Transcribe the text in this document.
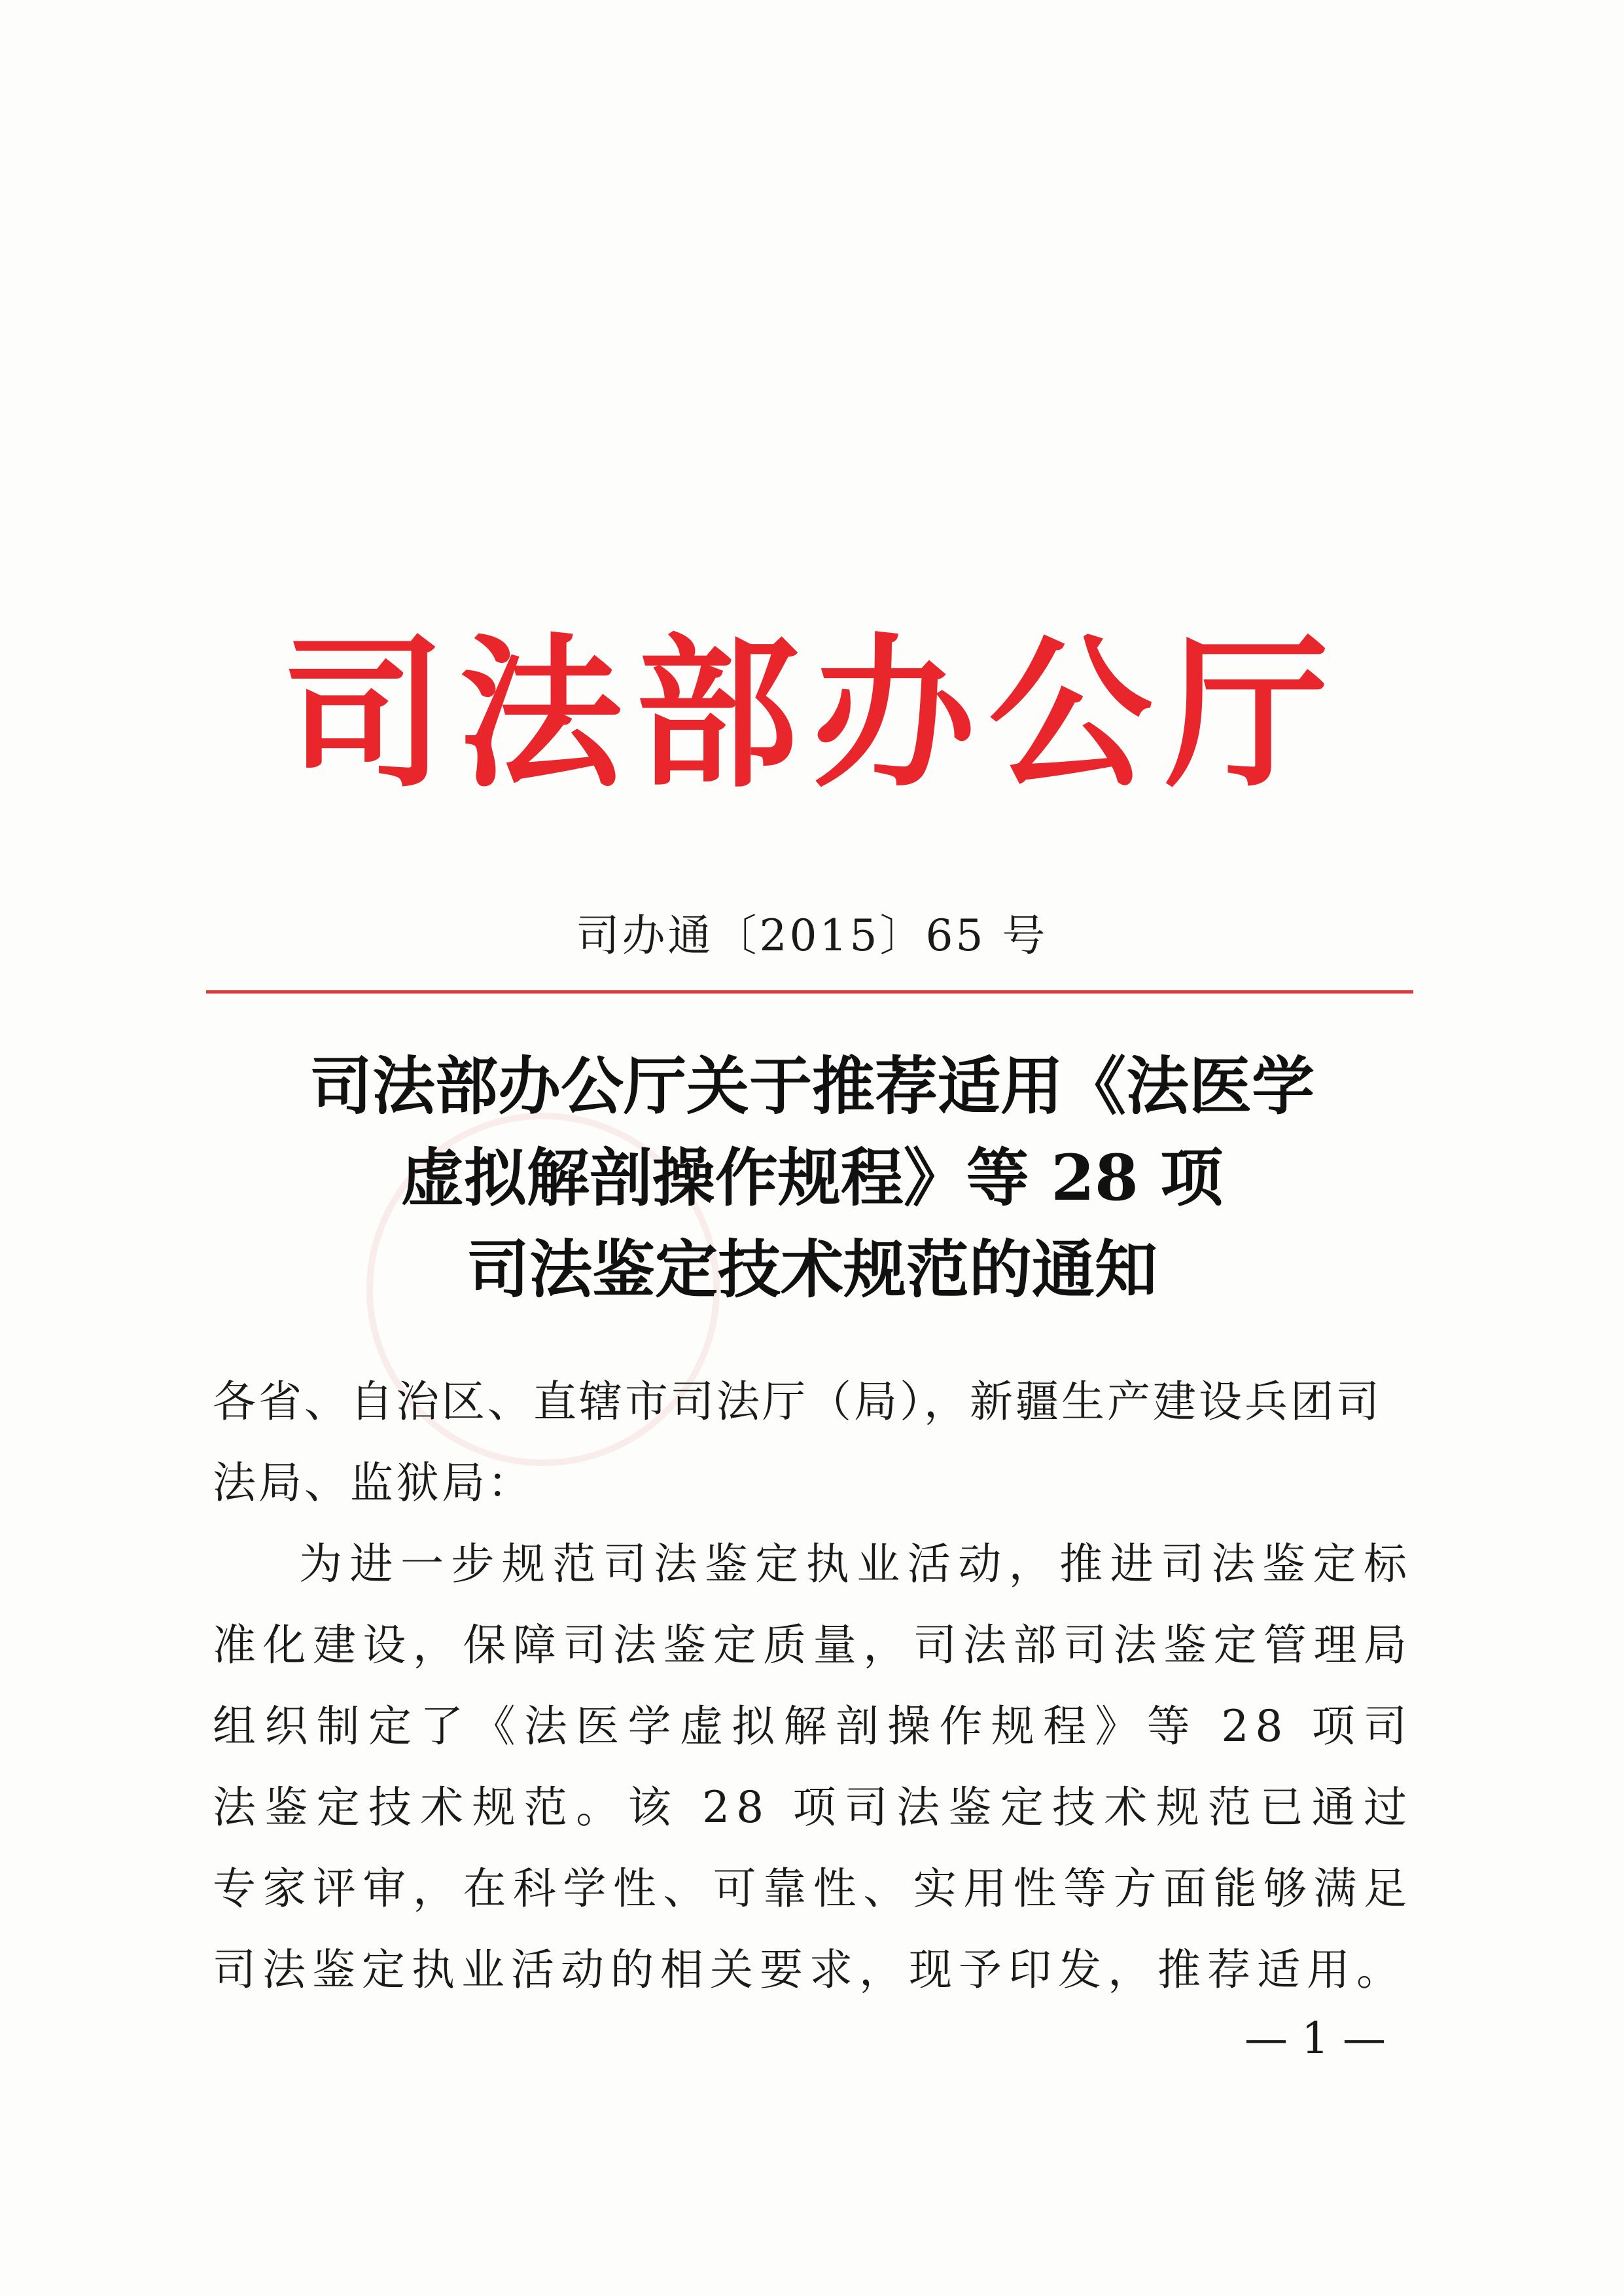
司法部办公厅
司办通〔2015〕65 号
司法部办公厅关于推荐适用《法医学
虚拟解剖操作规程》等 28 项
司法鉴定技术规范的通知

各省、自治区、直辖市司法厅（局），新疆生产建设兵团司法局、监狱局：

为进一步规范司法鉴定执业活动，推进司法鉴定标准化建设，保障司法鉴定质量，司法部司法鉴定管理局组织制定了《法医学虚拟解剖操作规程》等 28 项司法鉴定技术规范。该 28 项司法鉴定技术规范已通过专家评审，在科学性、可靠性、实用性等方面能够满足司法鉴定执业活动的相关要求，现予印发，推荐适用。

— 1 —
